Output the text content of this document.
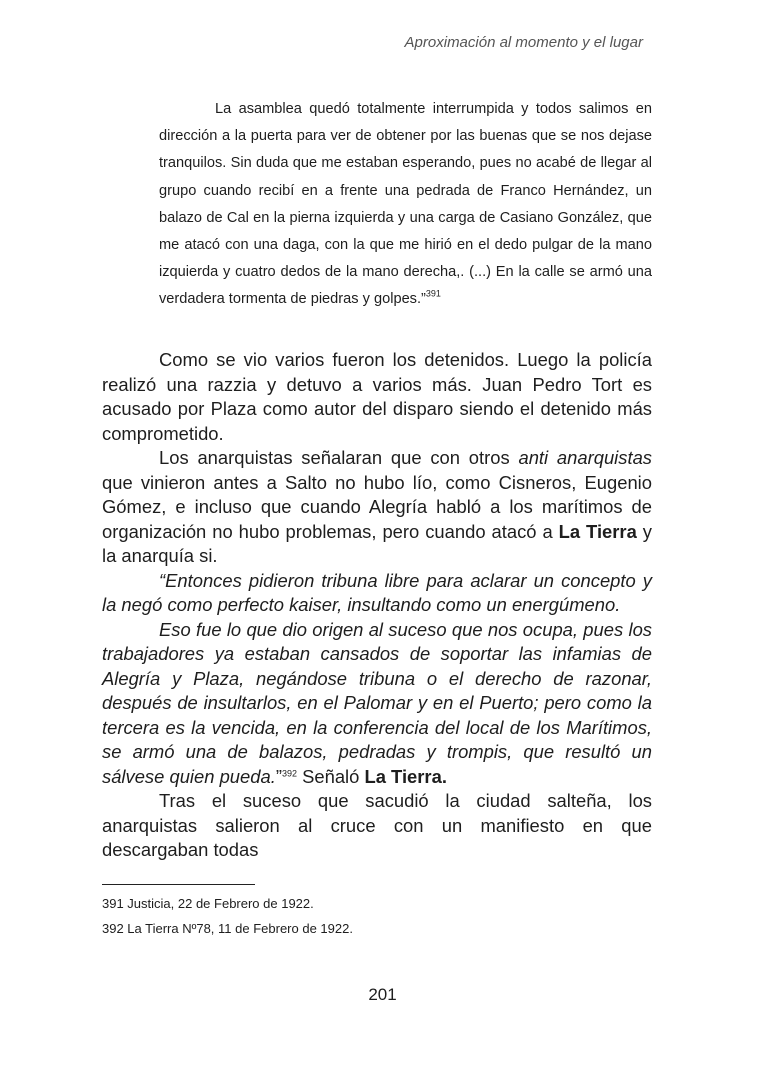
Aproximación al momento y el lugar
La asamblea quedó totalmente interrumpida y todos salimos en dirección a la puerta para ver de obtener por las buenas que se nos dejase tranquilos. Sin duda que me estaban esperando, pues no acabé de llegar al grupo cuando recibí en a frente una pedrada de Franco Hernández, un balazo de Cal en la pierna izquierda y una carga de Casiano González, que me atacó con una daga, con la que me hirió en el dedo pulgar de la mano izquierda y cuatro dedos de la mano derecha,. (...) En la calle se armó una verdadera tormenta de piedras y golpes.”$^{391}$

Como se vio varios fueron los detenidos. Luego la policía realizó una razzia y detuvo a varios más. Juan Pedro Tort es acusado por Plaza como autor del disparo siendo el detenido más comprometido.

Los anarquistas señalaran que con otros anti anarquistas que vinieron antes a Salto no hubo lío, como Cisneros, Eugenio Gómez, e incluso que cuando Alegría habló a los marítimos de organización no hubo problemas, pero cuando atacó a La Tierra y la anarquía si.

“Entonces pidieron tribuna libre para aclarar un concepto y la negó como perfecto kaiser, insultando como un energúmeno.

Eso fue lo que dio origen al suceso que nos ocupa, pues los trabajadores ya estaban cansados de soportar las infamias de Alegría y Plaza, negándose tribuna o el derecho de razonar, después de insultarlos, en el Palomar y en el Puerto; pero como la tercera es la vencida, en la conferencia del local de los Marítimos, se armó una de balazos, pedradas y trompis, que resultó un sálvese quien pueda.”$^{392}$ Señaló La Tierra.

Tras el suceso que sacudió la ciudad salteña, los anarquistas salieron al cruce con un manifiesto en que descargaban todas

391 Justicia, 22 de Febrero de 1922.
392 La Tierra Nº78, 11 de Febrero de 1922.
201
